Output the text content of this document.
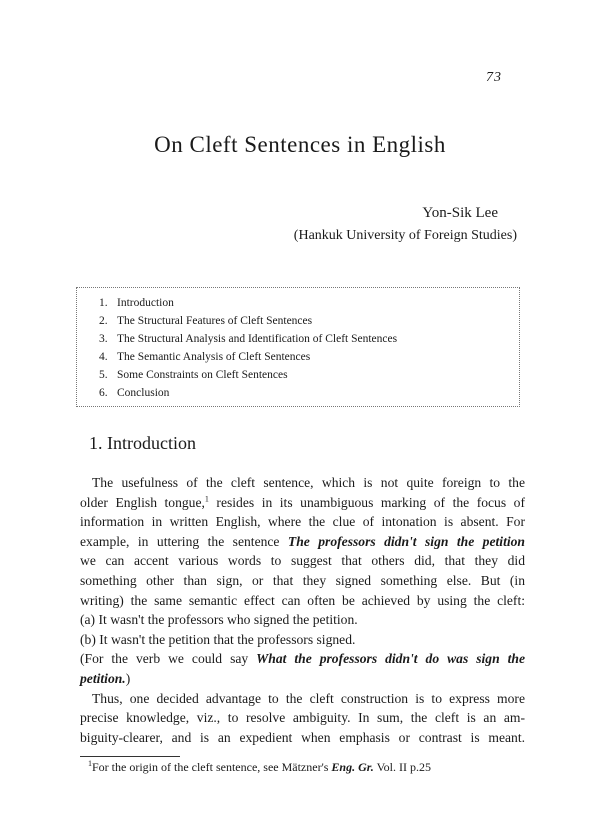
73
On Cleft Sentences in English
Yon-Sik Lee
(Hankuk University of Foreign Studies)
1. Introduction
2. The Structural Features of Cleft Sentences
3. The Structural Analysis and Identification of Cleft Sentences
4. The Semantic Analysis of Cleft Sentences
5. Some Constraints on Cleft Sentences
6. Conclusion
1. Introduction
The usefulness of the cleft sentence, which is not quite foreign to the
older English tongue,$^1$ resides in its unambiguous marking of the focus of
information in written English, where the clue of intonation is absent. For
example, in uttering the sentence The professors didn't sign the petition
we can accent various words to suggest that others did, that they did
something other than sign, or that they signed something else. But (in
writing) the same semantic effect can often be achieved by using the cleft:
(a) It wasn't the professors who signed the petition.
(b) It wasn't the petition that the professors signed.
(For the verb we could say What the professors didn't do was sign the
petition.)
Thus, one decided advantage to the cleft construction is to express more
precise knowledge, viz., to resolve ambiguity. In sum, the cleft is an am-
biguity-clearer, and is an expedient when emphasis or contrast is meant.
$^1$For the origin of the cleft sentence, see Mätzner's Eng. Gr. Vol. II p.25
